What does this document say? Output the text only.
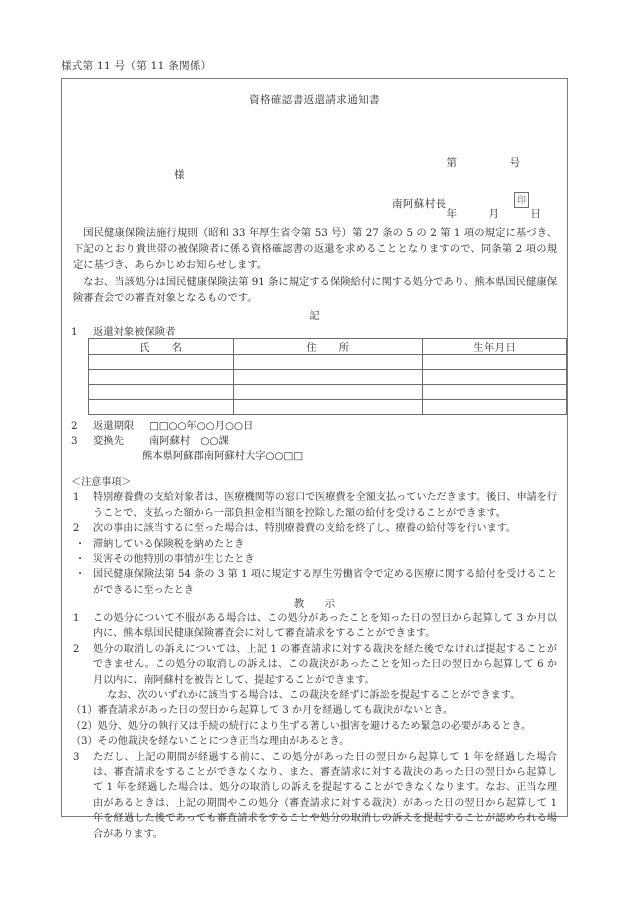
様式第 11 号（第 11 条関係）
資格確認書返還請求通知書

第　　　　　号

年　　　月　　　日

様
南阿蘇村長	印

国民健康保険法施行規則（昭和 33 年厚生省令第 53 号）第 27 条の 5 の 2 第 1 項の規定に基づき、下記のとおり貴世帯の被保険者に係る資格確認書の返還を求めることとなりますので、同条第 2 項の規定に基づき、あらかじめお知らせします。

なお、当該処分は国民健康保険法第 91 条に規定する保険給付に関する処分であり、熊本県国民健康保険審査会での審査対象となるものです。

記
1 返還対象被保険者
氏　　名	住　　所	生年月日

2 返還期限 □□○○年○○月○○日
3 変換先 南阿蘇村　○○課
熊本県阿蘇郡南阿蘇村大字○○□□
＜注意事項＞
1 特別療養費の支給対象者は、医療機関等の窓口で医療費を全額支払っていただきます。後日、申請を行うことで、支払った額から一部負担金相当額を控除した額の給付を受けることができます。
2 次の事由に該当するに至った場合は、特別療養費の支給を終了し、療養の給付等を行います。
・ 滞納している保険税を納めたとき
・ 災害その他特別の事情が生じたとき
・ 国民健康保険法第 54 条の 3 第 1 項に規定する厚生労働省令で定める医療に関する給付を受けることができるに至ったとき
教　　示
1 この処分について不服がある場合は、この処分があったことを知った日の翌日から起算して 3 か月以内に、熊本県国民健康保険審査会に対して審査請求をすることができます。
2 処分の取消しの訴えについては、上記 1 の審査請求に対する裁決を経た後でなければ提起することができません。この処分の取消しの訴えは、この裁決があったことを知った日の翌日から起算して 6 か月以内に、南阿蘇村を被告として、提起することができます。
なお、次のいずれかに該当する場合は、この裁決を経ずに訴訟を提起することができます。
（1）審査請求があった日の翌日から起算して 3 か月を経過しても裁決がないとき。
（2）処分、処分の執行又は手続の続行により生ずる著しい損害を避けるため緊急の必要があるとき。
（3）その他裁決を経ないことにつき正当な理由があるとき。
3 ただし、上記の期間が経過する前に、この処分があった日の翌日から起算して 1 年を経過した場合は、審査請求をすることができなくなり、また、審査請求に対する裁決のあった日の翌日から起算して 1 年を経過した場合は、処分の取消しの訴えを提起することができなくなります。なお、正当な理由があるときは、上記の期間やこの処分（審査請求に対する裁決）があった日の翌日から起算して 1 年を経過した後であっても審査請求をすることや処分の取消しの訴えを提起することが認められる場合があります。
